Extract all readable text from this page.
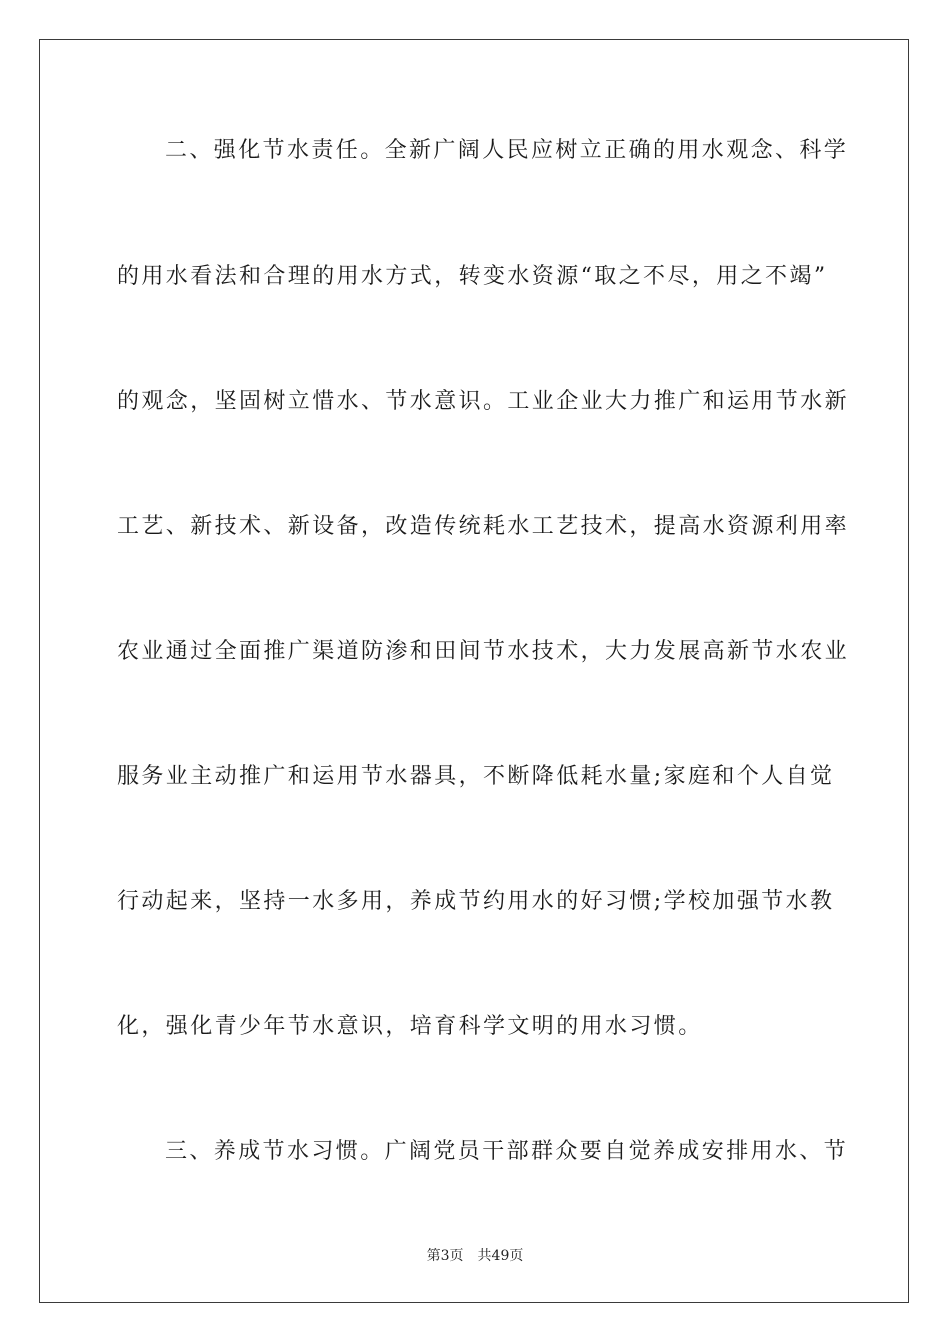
二、强化节水责任。全新广阔人民应树立正确的用水观念、科学
的用水看法和合理的用水方式，转变水资源“取之不尽，用之不竭”
的观念，坚固树立惜水、节水意识。工业企业大力推广和运用节水新
工艺、新技术、新设备，改造传统耗水工艺技术，提高水资源利用率
农业通过全面推广渠道防渗和田间节水技术，大力发展高新节水农业
服务业主动推广和运用节水器具，不断降低耗水量;家庭和个人自觉
行动起来，坚持一水多用，养成节约用水的好习惯;学校加强节水教
化，强化青少年节水意识，培育科学文明的用水习惯。
三、养成节水习惯。广阔党员干部群众要自觉养成安排用水、节
第3页 共49页
